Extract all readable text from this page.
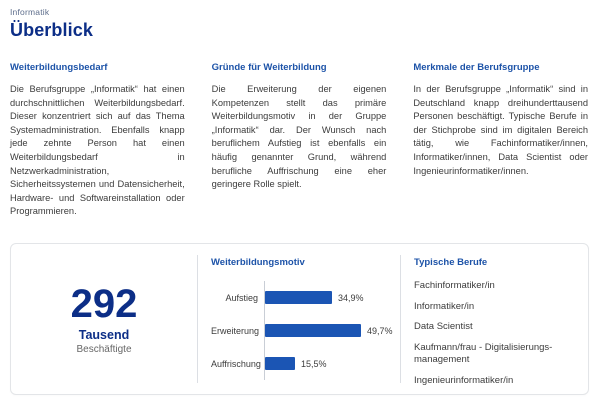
Informatik
Überblick
Weiterbildungsbedarf
Die Berufsgruppe „Informatik“ hat einen durchschnittlichen Weiterbildungsbedarf. Dieser konzentriert sich auf das Thema Systemadministration. Ebenfalls knapp jede zehnte Person hat einen Weiterbildungsbedarf in Netzwerkadministration, Sicherheitssystemen und Datensicherheit, Hardware- und Softwareinstallation oder Programmieren.
Gründe für Weiterbildung
Die Erweiterung der eigenen Kompetenzen stellt das primäre Weiterbildungsmotiv in der Gruppe „Informatik“ dar. Der Wunsch nach beruflichem Aufstieg ist ebenfalls ein häufig genannter Grund, während berufliche Auffrischung eine eher geringere Rolle spielt.
Merkmale der Berufsgruppe
In der Berufsgruppe „Informatik“ sind in Deutschland knapp dreihunderttausend Personen beschäftigt. Typische Berufe in der Stichprobe sind im digitalen Bereich tätig, wie Fachinformatiker/innen, Informatiker/innen, Data Scientist oder Ingenieurinformatiker/innen.
292
Tausend
Beschäftigte
Weiterbildungsmotiv
Aufstieg	34,9%
Erweiterung	49,7%
Auffrischung	15,5%
Typische Berufe
Fachinformatiker/in
Informatiker/in
Data Scientist
Kaufmann/frau - Digitalisierungs-management
Ingenieurinformatiker/in
